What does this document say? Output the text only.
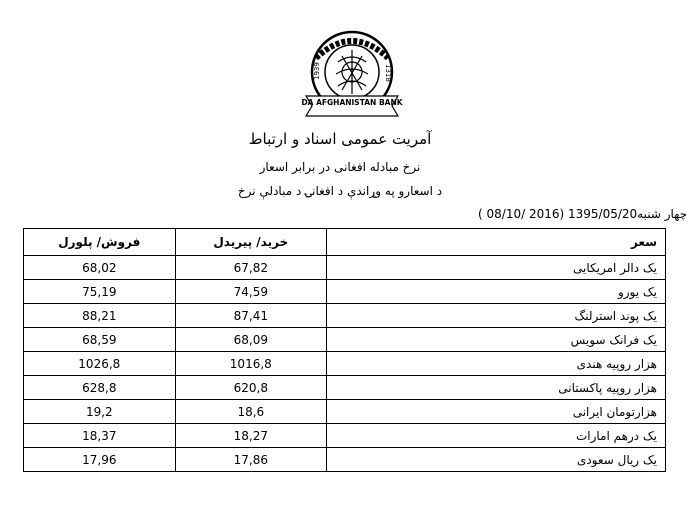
1939	1318
DA AFGHANISTAN BANK
آمریت عمومی اسناد و ارتباط
نرخ مبادله افغانی در برابر اسعار
د اسعارو په وړاندې د افغانۍ د مبادلې نرخ
چهار شنبه1395/05/20 (2016 /08/10 )
فروش/ پلورل	خرید/ پیریدل	سعر
68,02	67,82	یک دالر امریکایی
75,19	74,59	یک یورو
88,21	87,41	یک پوند استرلنگ
68,59	68,09	یک فرانک سویس
1026,8	1016,8	هزار روپیه هندی
628,8	620,8	هزار روپیه پاکستانی
19,2	18,6	هزارتومان ایرانی
18,37	18,27	یک درهم امارات
17,96	17,86	یک ریال سعودی
